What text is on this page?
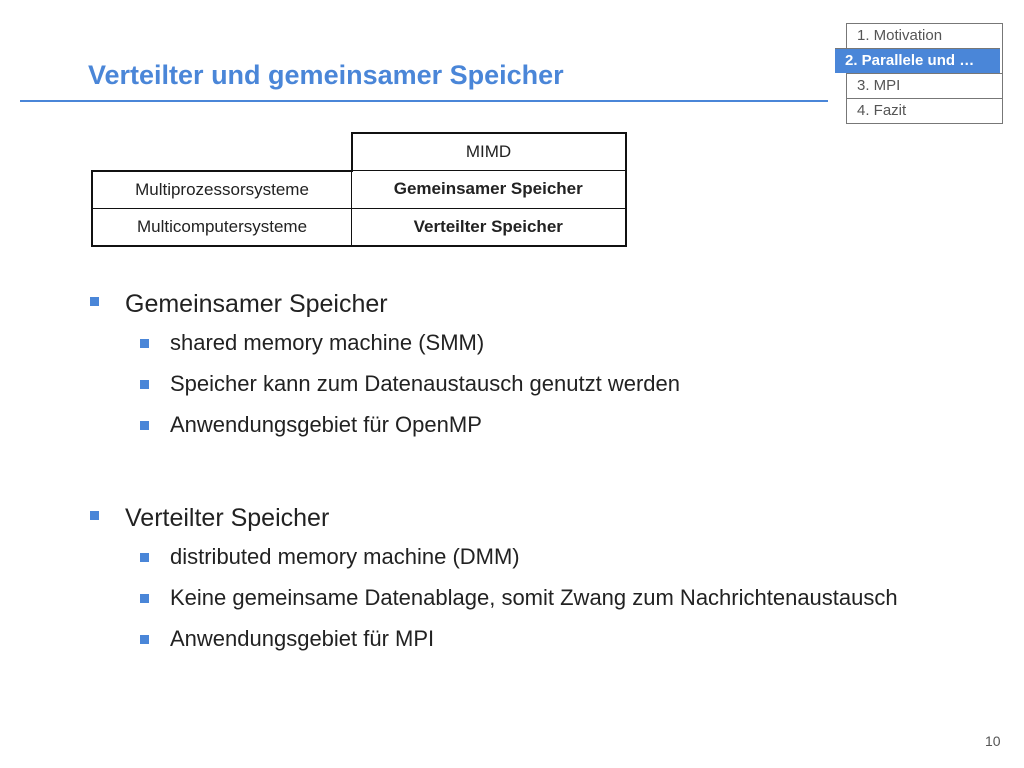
Verteilter und gemeinsamer Speicher
1. Motivation
2. Parallele und …
3. MPI
4. Fazit
	MIMD
Multiprozessorsysteme	Gemeinsamer Speicher
Multicomputersysteme	Verteilter Speicher
Gemeinsamer Speicher
shared memory machine (SMM)
Speicher kann zum Datenaustausch genutzt werden
Anwendungsgebiet für OpenMP
Verteilter Speicher
distributed memory machine (DMM)
Keine gemeinsame Datenablage, somit Zwang zum Nachrichtenaustausch
Anwendungsgebiet für MPI
10
